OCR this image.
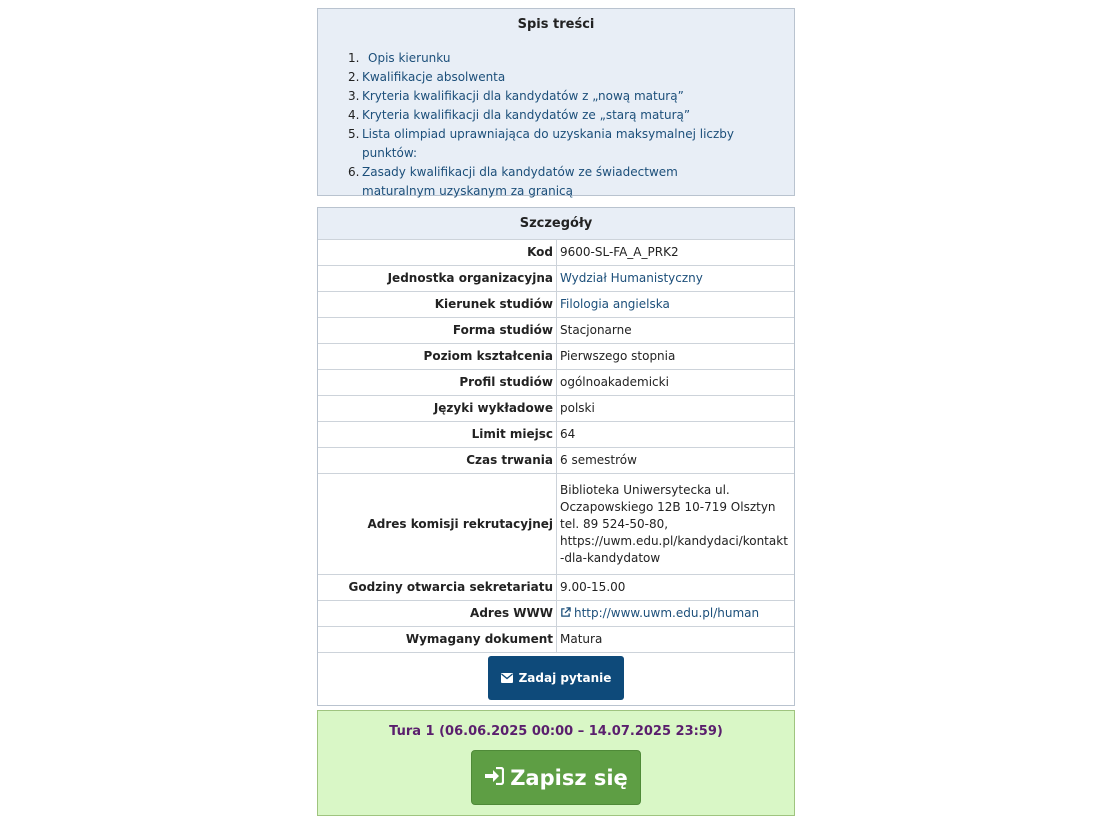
Spis treści
1. Opis kierunku
2. Kwalifikacje absolwenta
3. Kryteria kwalifikacji dla kandydatów z „nową maturą”
4. Kryteria kwalifikacji dla kandydatów ze „starą maturą”
5. Lista olimpiad uprawniająca do uzyskania maksymalnej liczby punktów:
6. Zasady kwalifikacji dla kandydatów ze świadectwem maturalnym uzyskanym za granicą
Szczegóły	
Kod	9600-SL-FA_A_PRK2
Jednostka organizacyjna	Wydział Humanistyczny
Kierunek studiów	Filologia angielska
Forma studiów	Stacjonarne
Poziom kształcenia	Pierwszego stopnia
Profil studiów	ogólnoakademicki
Języki wykładowe	polski
Limit miejsc	64
Czas trwania	6 semestrów
Adres komisji rekrutacyjnej	Biblioteka Uniwersytecka ul. Oczapowskiego 12B 10-719 Olsztyn tel. 89 524-50-80, https://uwm.edu.pl/kandydaci/kontakt-dla-kandydatow
Godziny otwarcia sekretariatu	9.00-15.00
Adres WWW	http://www.uwm.edu.pl/human
Wymagany dokument	Matura

Zadaj pytanie	
Tura 1 (06.06.2025 00:00 – 14.07.2025 23:59)
Zapisz się
